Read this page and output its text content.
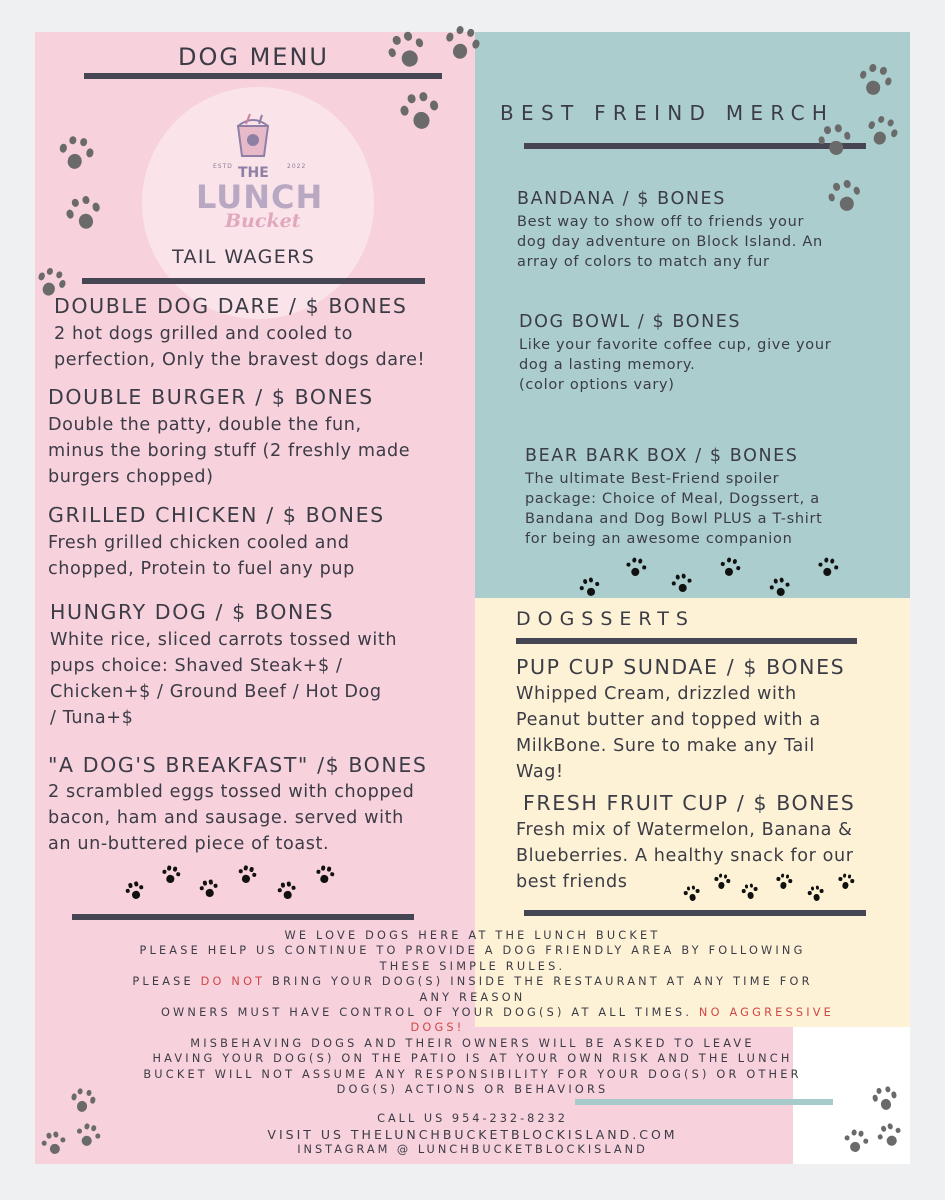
DOG MENU
ESTD	2022
THE
LUNCH
Bucket
TAIL WAGERS
DOUBLE DOG DARE / $ BONES
2 hot dogs grilled and cooled to
perfection, Only the bravest dogs dare!
DOUBLE BURGER / $ BONES
Double the patty, double the fun,
minus the boring stuff (2 freshly made
burgers chopped)
GRILLED CHICKEN / $ BONES
Fresh grilled chicken cooled and
chopped, Protein to fuel any pup
HUNGRY DOG / $ BONES
White rice, sliced carrots tossed with
pups choice: Shaved Steak+$ /
Chicken+$ / Ground Beef / Hot Dog
/ Tuna+$
"A DOG'S BREAKFAST" /$ BONES
2 scrambled eggs tossed with chopped
bacon, ham and sausage. served with
an un-buttered piece of toast.
BEST FREIND MERCH
BANDANA / $ BONES
Best way to show off to friends your
dog day adventure on Block Island. An
array of colors to match any fur
DOG BOWL / $ BONES
Like your favorite coffee cup, give your
dog a lasting memory.
(color options vary)
BEAR BARK BOX / $ BONES
The ultimate Best-Friend spoiler
package: Choice of Meal, Dogssert, a
Bandana and Dog Bowl PLUS a T-shirt
for being an awesome companion
DOGSSERTS
PUP CUP SUNDAE / $ BONES
Whipped Cream, drizzled with
Peanut butter and topped with a
MilkBone. Sure to make any Tail
Wag!
FRESH FRUIT CUP / $ BONES
Fresh mix of Watermelon, Banana &
Blueberries. A healthy snack for our
best friends
WE LOVE DOGS HERE AT THE LUNCH BUCKET
PLEASE HELP US CONTINUE TO PROVIDE A DOG FRIENDLY AREA BY FOLLOWING
THESE SIMPLE RULES.
PLEASE DO NOT BRING YOUR DOG(S) INSIDE THE RESTAURANT AT ANY TIME FOR
ANY REASON
OWNERS MUST HAVE CONTROL OF YOUR DOG(S) AT ALL TIMES. NO AGGRESSIVE
DOGS!
MISBEHAVING DOGS AND THEIR OWNERS WILL BE ASKED TO LEAVE
HAVING YOUR DOG(S) ON THE PATIO IS AT YOUR OWN RISK AND THE LUNCH
BUCKET WILL NOT ASSUME ANY RESPONSIBILITY FOR YOUR DOG(S) OR OTHER
DOG(S) ACTIONS OR BEHAVIORS
CALL US 954-232-8232
VISIT US THELUNCHBUCKETBLOCKISLAND.COM
INSTAGRAM @ LUNCHBUCKETBLOCKISLAND
